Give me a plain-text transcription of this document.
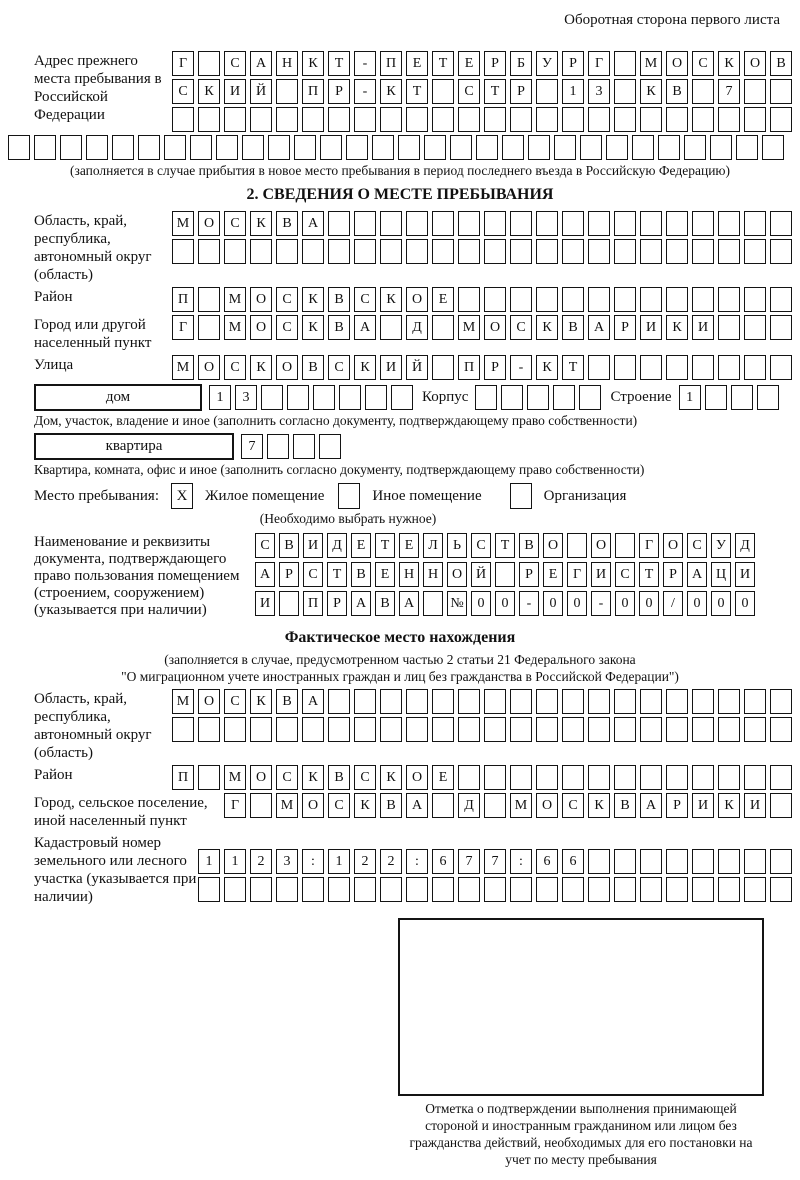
Оборотная сторона первого листа
Адрес прежнего места пребывания в Российской Федерации
Г	С	А	Н	К	Т	-	П	Е	Т	Е	Р	Б	У	Р	Г	М	О	С	К	О	В
С	К	И	Й	П	Р	-	К	Т	С	Т	Р	1	3	К	В	7
(заполняется в случае прибытия в новое место пребывания в период последнего въезда в Российскую Федерацию)
2. СВЕДЕНИЯ О МЕСТЕ ПРЕБЫВАНИЯ
Область, край, республика, автономный округ (область)
М	О	С	К	В	А
Район	П	М	О	С	К	В	С	К	О	Е
Город или другой населенный пункт
Г	М	О	С	К	В	А	Д	М	О	С	К	В	А	Р	И	К	И
Улица	М	О	С	К	О	В	С	К	И	Й	П	Р	-	К	Т
дом	1	3	Корпус	Строение	1
Дом, участок, владение и иное (заполнить согласно документу, подтверждающему право собственности)
квартира	7
Квартира, комната, офис и иное (заполнить согласно документу, подтверждающему право собственности)
Место пребывания:	X	Жилое помещение	Иное помещение	Организация
(Необходимо выбрать нужное)
Наименование и реквизиты документа, подтверждающего право пользования помещением (строением, сооружением) (указывается при наличии)
С	В	И	Д	Е	Т	Е	Л	Ь	С	Т	В	О	О	Г	О	С	У	Д
А	Р	С	Т	В	Е	Н Н О Й	Р	Е	Г	И	С	Т	Р	А Ц И
И	П	Р	А	В	А	№ 0	0	-	0	0	-	0	0	/	0	0	0
Фактическое место нахождения
(заполняется в случае, предусмотренном частью 2 статьи 21 Федерального закона
"О миграционном учете иностранных граждан и лиц без гражданства в Российской Федерации")
Область, край, республика, автономный округ (область)
М	О	С	К	В	А
Район	П	М	О	С	К	В	С	К	О	Е
Город, сельское поселение, иной населенный пункт
Г	М	О	С	К	В	А	Д	М	О	С	К	В	А	Р	И	К	И
Кадастровый номер земельного или лесного участка (указывается при наличии)
1	1	2	3	:	1	2	2	:	6	7	7	:	6	6
Отметка о подтверждении выполнения принимающей стороной и иностранным гражданином или лицом без гражданства действий, необходимых для его постановки на учет по месту пребывания
